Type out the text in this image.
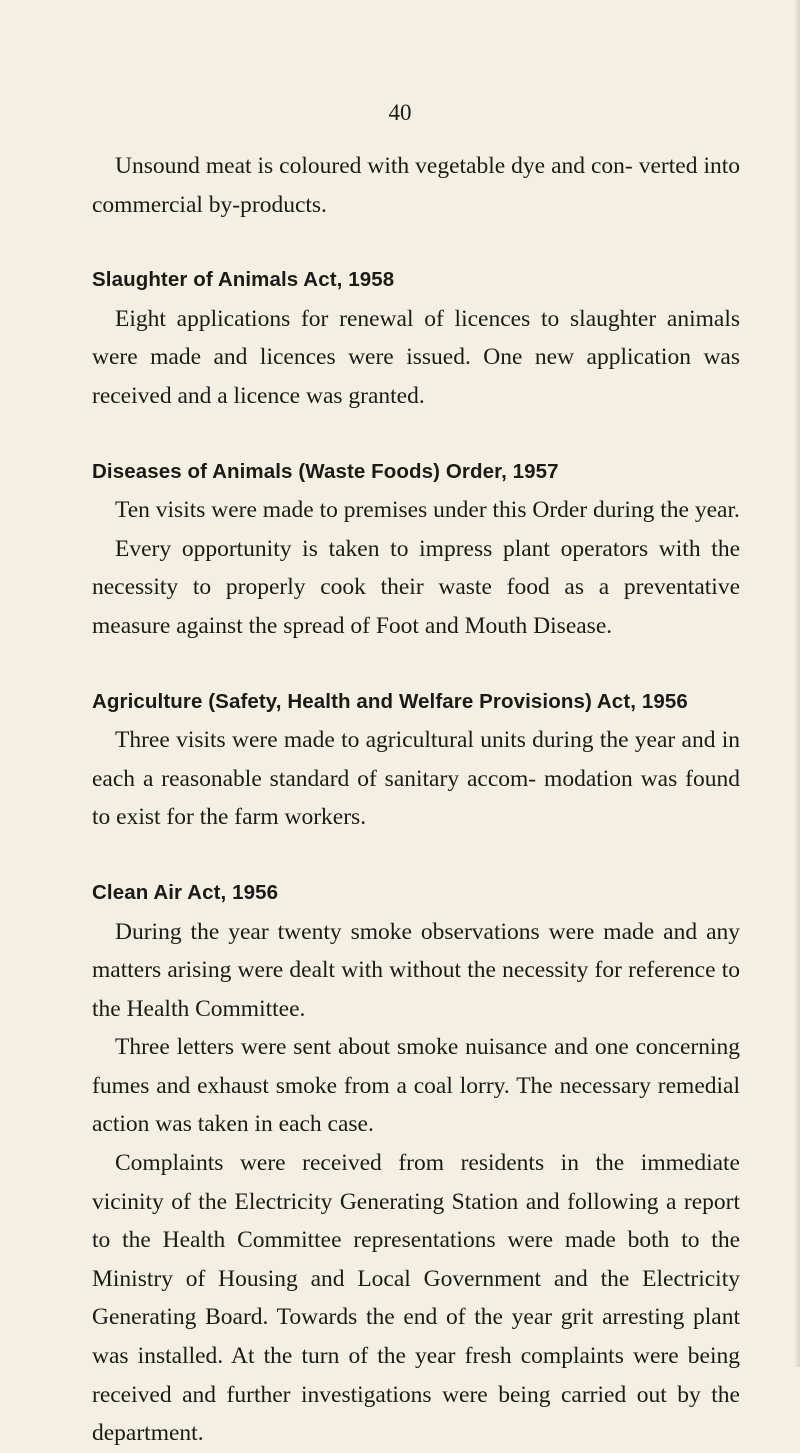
40

Unsound meat is coloured with vegetable dye and con- verted into commercial by-products.

Slaughter of Animals Act, 1958

Eight applications for renewal of licences to slaughter animals were made and licences were issued. One new application was received and a licence was granted.

Diseases of Animals (Waste Foods) Order, 1957

Ten visits were made to premises under this Order during the year.

Every opportunity is taken to impress plant operators with the necessity to properly cook their waste food as a preventative measure against the spread of Foot and Mouth Disease.

Agriculture (Safety, Health and Welfare Provisions) Act, 1956

Three visits were made to agricultural units during the year and in each a reasonable standard of sanitary accom- modation was found to exist for the farm workers.

Clean Air Act, 1956

During the year twenty smoke observations were made and any matters arising were dealt with without the necessity for reference to the Health Committee.

Three letters were sent about smoke nuisance and one concerning fumes and exhaust smoke from a coal lorry. The necessary remedial action was taken in each case.

Complaints were received from residents in the immediate vicinity of the Electricity Generating Station and following a report to the Health Committee representations were made both to the Ministry of Housing and Local Government and the Electricity Generating Board. Towards the end of the year grit arresting plant was installed. At the turn of the year fresh complaints were being received and further investigations were being carried out by the department.
